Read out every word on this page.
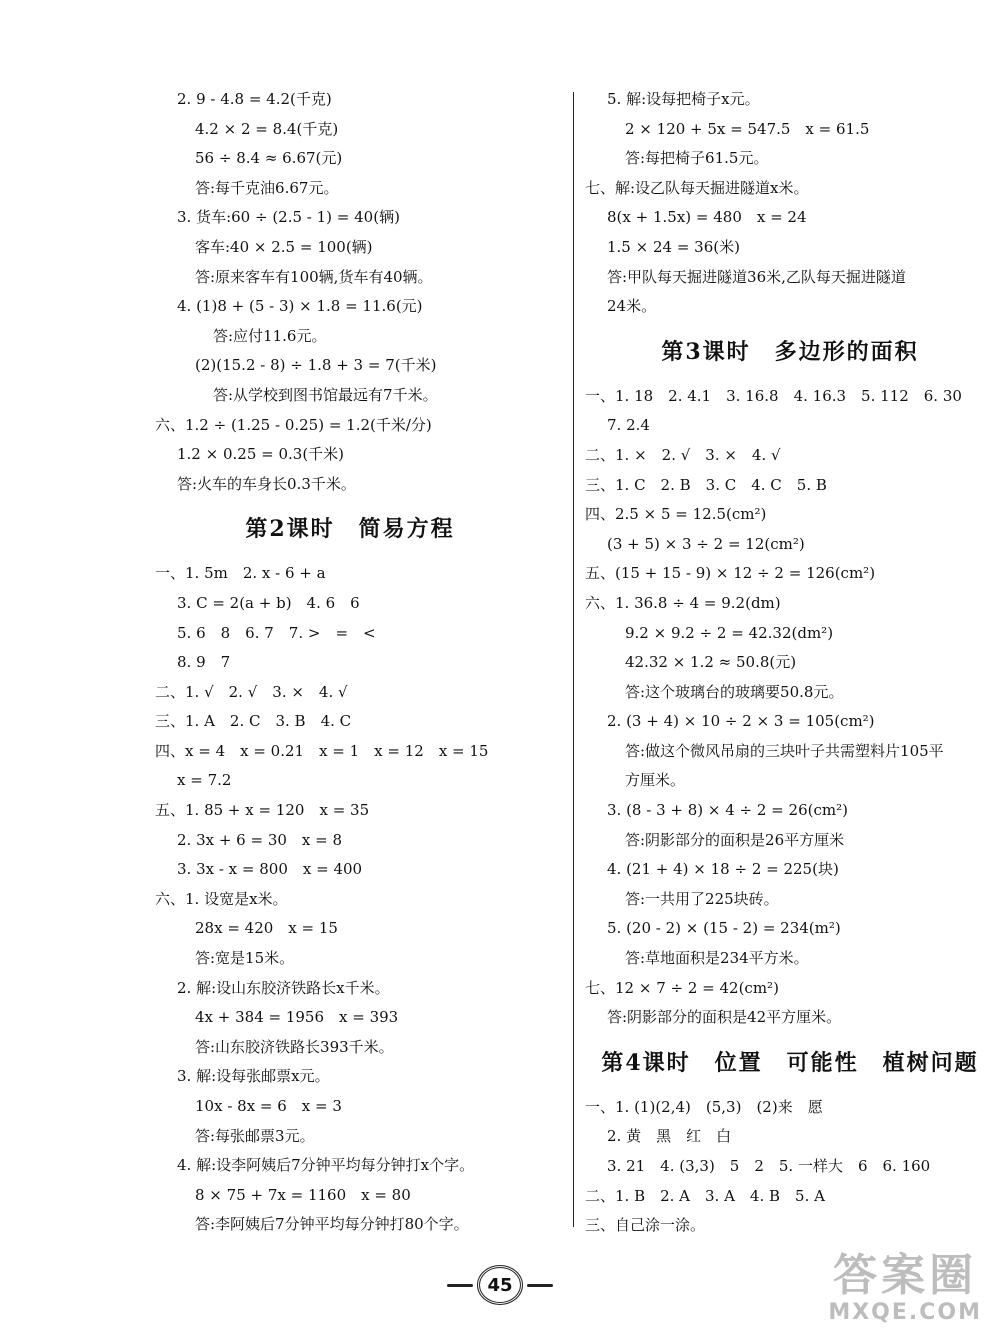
2. 9 - 4.8 = 4.2(千克)
4.2 × 2 = 8.4(千克)
56 ÷ 8.4 ≈ 6.67(元)
答:每千克油6.67元。
3. 货车:60 ÷ (2.5 - 1) = 40(辆)
客车:40 × 2.5 = 100(辆)
答:原来客车有100辆,货车有40辆。
4. (1)8 + (5 - 3) × 1.8 = 11.6(元)
答:应付11.6元。
(2)(15.2 - 8) ÷ 1.8 + 3 = 7(千米)
答:从学校到图书馆最远有7千米。
六、1.2 ÷ (1.25 - 0.25) = 1.2(千米/分)
1.2 × 0.25 = 0.3(千米)
答:火车的车身长0.3千米。
第2课时　简易方程
一、1. 5m　2. x - 6 + a
3. C = 2(a + b)　4. 6　6
5. 6　8　6. 7　7. >　=　<
8. 9　7
二、1. √　2. √　3. ×　4. √
三、1. A　2. C　3. B　4. C
四、x = 4　x = 0.21　x = 1　x = 12　x = 15
x = 7.2
五、1. 85 + x = 120　x = 35
2. 3x + 6 = 30　x = 8
3. 3x - x = 800　x = 400
六、1. 设宽是x米。
28x = 420　x = 15
答:宽是15米。
2. 解:设山东胶济铁路长x千米。
4x + 384 = 1956　x = 393
答:山东胶济铁路长393千米。
3. 解:设每张邮票x元。
10x - 8x = 6　x = 3
答:每张邮票3元。
4. 解:设李阿姨后7分钟平均每分钟打x个字。
8 × 75 + 7x = 1160　x = 80
答:李阿姨后7分钟平均每分钟打80个字。
5. 解:设每把椅子x元。
2 × 120 + 5x = 547.5　x = 61.5
答:每把椅子61.5元。
七、解:设乙队每天掘进隧道x米。
8(x + 1.5x) = 480　x = 24
1.5 × 24 = 36(米)
答:甲队每天掘进隧道36米,乙队每天掘进隧道
24米。
第3课时　多边形的面积
一、1. 18　2. 4.1　3. 16.8　4. 16.3　5. 112　6. 30
7. 2.4
二、1. ×　2. √　3. ×　4. √
三、1. C　2. B　3. C　4. C　5. B
四、2.5 × 5 = 12.5(cm²)
(3 + 5) × 3 ÷ 2 = 12(cm²)
五、(15 + 15 - 9) × 12 ÷ 2 = 126(cm²)
六、1. 36.8 ÷ 4 = 9.2(dm)
9.2 × 9.2 ÷ 2 = 42.32(dm²)
42.32 × 1.2 ≈ 50.8(元)
答:这个玻璃台的玻璃要50.8元。
2. (3 + 4) × 10 ÷ 2 × 3 = 105(cm²)
答:做这个微风吊扇的三块叶子共需塑料片105平
方厘米。
3. (8 - 3 + 8) × 4 ÷ 2 = 26(cm²)
答:阴影部分的面积是26平方厘米
4. (21 + 4) × 18 ÷ 2 = 225(块)
答:一共用了225块砖。
5. (20 - 2) × (15 - 2) = 234(m²)
答:草地面积是234平方米。
七、12 × 7 ÷ 2 = 42(cm²)
答:阴影部分的面积是42平方厘米。
第4课时　位置　可能性　植树问题
一、1. (1)(2,4)　(5,3)　(2)来　愿
2. 黄　黑　红　白
3. 21　4. (3,3)　5　2　5. 一样大　6　6. 160
二、1. B　2. A　3. A　4. B　5. A
三、自己涂一涂。
45	答案圈
MXQE.COM
